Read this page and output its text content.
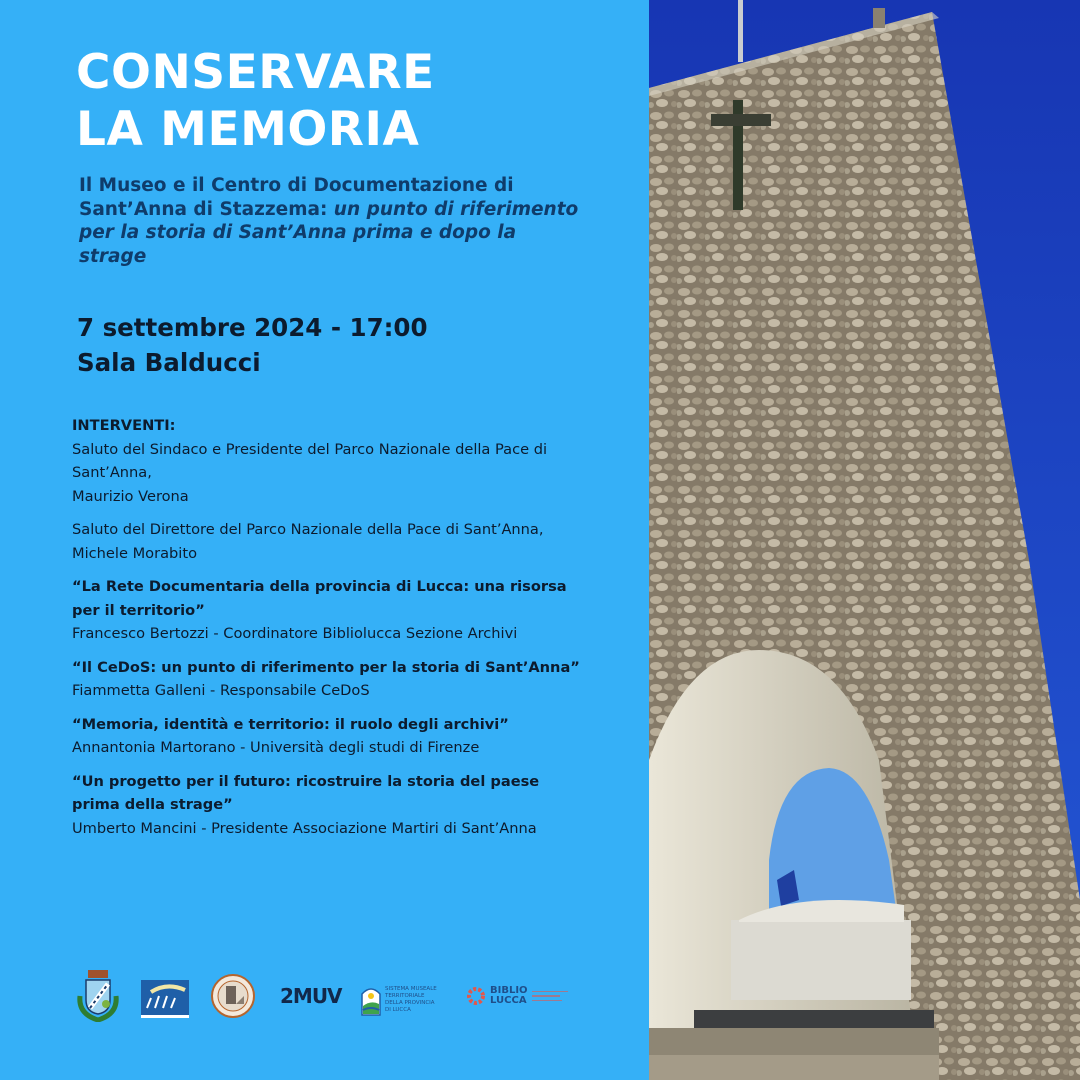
CONSERVARE
LA MEMORIA
Il Museo e il Centro di Documentazione di Sant’Anna di Stazzema: un punto di riferimento per la storia di Sant’Anna prima e dopo la strage
7 settembre 2024 - 17:00
Sala Balducci
INTERVENTI:
Saluto del Sindaco e Presidente del Parco Nazionale della Pace di Sant’Anna,
Maurizio Verona
Saluto del Direttore del Parco Nazionale della Pace di Sant’Anna, Michele Morabito
“La Rete Documentaria della provincia di Lucca: una risorsa per il territorio”
Francesco Bertozzi - Coordinatore Bibliolucca Sezione Archivi
“Il CeDoS: un punto di riferimento per la storia di Sant’Anna”
Fiammetta Galleni - Responsabile CeDoS
“Memoria, identità e territorio: il ruolo degli archivi”
Annantonia Martorano - Università degli studi di Firenze
“Un progetto per il futuro: ricostruire la storia del paese prima della strage”
Umberto Mancini - Presidente Associazione Martiri di Sant’Anna
2MUV	SISTEMA MUSEALE TERRITORIALE DELLA PROVINCIA DI LUCCA
BIBLIO
LUCCA
